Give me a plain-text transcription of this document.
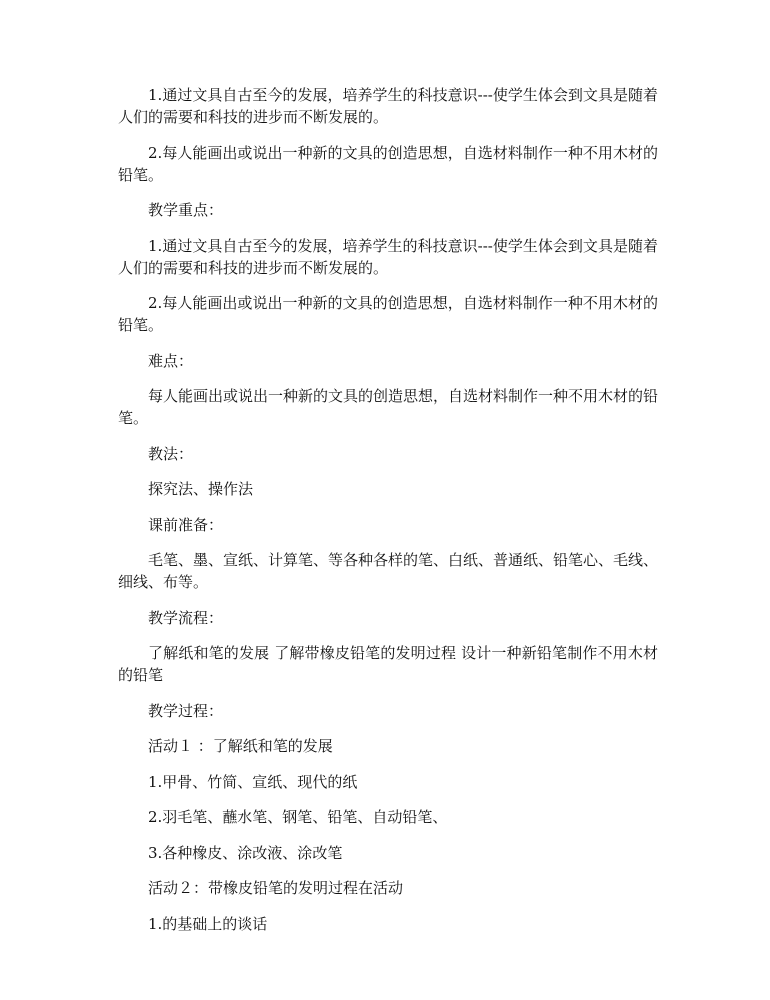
1.通过文具自古至今的发展，培养学生的科技意识---使学生体会到文具是随着人们的需要和科技的进步而不断发展的。

2.每人能画出或说出一种新的文具的创造思想，自选材料制作一种不用木材的铅笔。

教学重点：

1.通过文具自古至今的发展，培养学生的科技意识---使学生体会到文具是随着人们的需要和科技的进步而不断发展的。

2.每人能画出或说出一种新的文具的创造思想，自选材料制作一种不用木材的铅笔。

难点：

每人能画出或说出一种新的文具的创造思想，自选材料制作一种不用木材的铅笔。

教法：

探究法、操作法

课前准备：

毛笔、墨、宣纸、计算笔、等各种各样的笔、白纸、普通纸、铅笔心、毛线、细线、布等。

教学流程：

了解纸和笔的发展 了解带橡皮铅笔的发明过程 设计一种新铅笔制作不用木材的铅笔

教学过程：

活动１ ：了解纸和笔的发展

1.甲骨、竹简、宣纸、现代的纸

2.羽毛笔、蘸水笔、钢笔、铅笔、自动铅笔、

3.各种橡皮、涂改液、涂改笔

活动２：带橡皮铅笔的发明过程在活动

1.的基础上的谈话
